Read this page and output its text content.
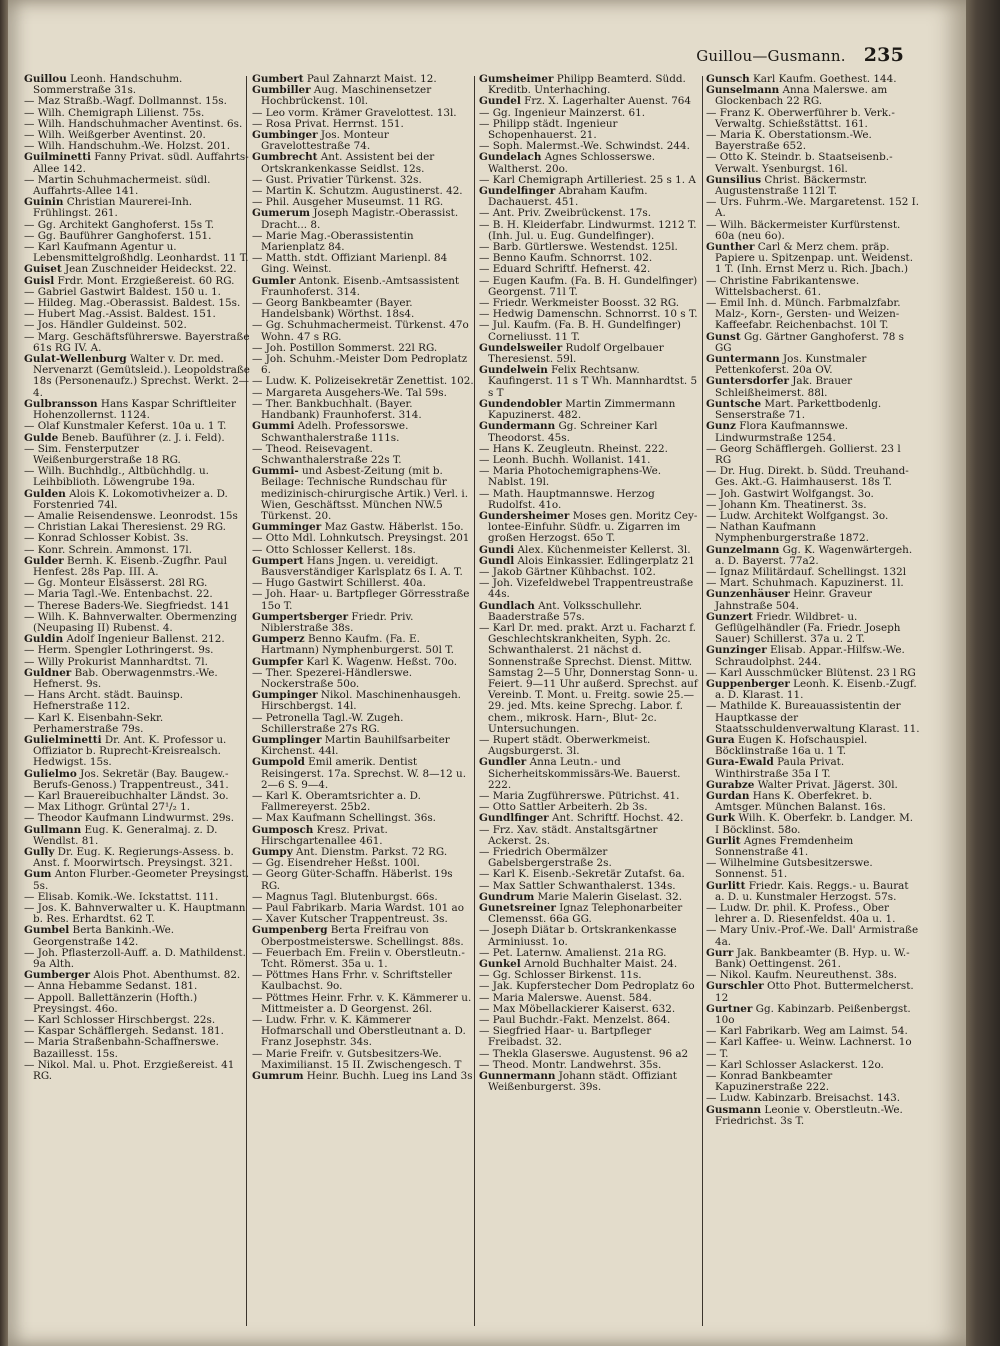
Guillou—Gusmann. 235

Guillou Leonh. Handschuhm. Sommerstraße 31s.

— Maz Straßb.-Wagf. Dollmannst. 15s.

— Wilh. Chemigraph Lilienst. 75s.

— Wilh. Handschuhmacher Aventinst. 6s.

— Wilh. Weißgerber Aventinst. 20.

— Wilh. Handschuhm.-We. Holzst. 201.

Guilminetti Fanny Privat. südl. Auffahrts-Allee 142.

— Martin Schuhmachermeist. südl. Auffahrts-Allee 141.

Guinin Christian Maurerei-Inh. Frühlingst. 261.

— Gg. Architekt Ganghoferst. 15s T.

— Gg. Bauführer Ganghoferst. 151.

— Karl Kaufmann Agentur u. Lebensmittelgroßhdlg. Leonhardst. 11 T.

Guiset Jean Zuschneider Heideckst. 22.

Guisl Frdr. Mont. Erzgießereist. 60 RG.

— Gabriel Gastwirt Baldest. 150 u. 1.

— Hildeg. Mag.-Oberassist. Baldest. 15s.

— Hubert Mag.-Assist. Baldest. 151.

— Jos. Händler Guldeinst. 502.

— Marg. Geschäftsführerswe. Bayerstraße 61s RG IV. A.

Gulat-Wellenburg Walter v. Dr. med. Nervenarzt (Gemütsleid.). Leopoldstraße 18s (Personenaufz.) Sprechst. Werkt. 2—4.

Gulbransson Hans Kaspar Schriftleiter Hohenzollernst. 1124.

— Olaf Kunstmaler Keferst. 10a u. 1 T.

Gulde Beneb. Bauführer (z. J. i. Feld).

— Sim. Fensterputzer Weißenburgerstraße 18 RG.

— Wilh. Buchhdlg., Altbüchhdlg. u. Leihbiblioth. Löwengrube 19a.

Gulden Alois K. Lokomotivheizer a. D. Forstenried 74l.

— Amalie Reisendenswe. Leonrodst. 15s

— Christian Lakai Theresienst. 29 RG.

— Konrad Schlosser Kobist. 3s.

— Konr. Schrein. Ammonst. 17l.

Gulder Bernh. K. Eisenb.-Zugfhr. Paul Henfest. 28s Pap. III. A.

— Gg. Monteur Elsässerst. 28l RG.

— Maria Tagl.-We. Entenbachst. 22.

— Therese Baders-We. Siegfriedst. 141

— Wilh. K. Bahnverwalter. Obermenzing (Neupasing II) Rubenst. 4.

Guldin Adolf Ingenieur Ballenst. 212.

— Herm. Spengler Lothringerst. 9s.

— Willy Prokurist Mannhardtst. 7l.

Guldner Bab. Oberwagenmstrs.-We. Hefnerst. 9s.

— Hans Archt. städt. Bauinsp. Hefnerstraße 112.

— Karl K. Eisenbahn-Sekr. Perhamerstraße 79s.

Gulielminetti Dr. Ant. K. Professor u. Offiziator b. Ruprecht-Kreisrealsch. Hedwigst. 15s.

Gulielmo Jos. Sekretär (Bay. Baugew.-Berufs-Genoss.) Trappentreust., 341.

— Karl Brauereibuchhalter Ländst. 3o.

— Max Lithogr. Grüntal 27¹/₂ 1.

— Theodor Kaufmann Lindwurmst. 29s.

Gullmann Eug. K. Generalmaj. z. D. Wendlst. 81.

Gully Dr. Eug. K. Regierungs-Assess. b. Anst. f. Moorwirtsch. Preysingst. 321.

Gum Anton Flurber.-Geometer Preysingst. 5s.

— Elisab. Komik.-We. Ickstattst. 111.

— Jos. K. Bahnverwalter u. K. Hauptmann b. Res. Erhardtst. 62 T.

Gumbel Berta Bankinh.-We. Georgenstraße 142.

— Joh. Pflasterzoll-Auff. a. D. Mathildenst. 9a Alth.

Gumberger Alois Phot. Abenthumst. 82.

— Anna Hebamme Sedanst. 181.

— Appoll. Ballettänzerin (Hofth.) Preysingst. 46o.

— Karl Schlosser Hirschbergst. 22s.

— Kaspar Schäfflergeh. Sedanst. 181.

— Maria Straßenbahn-Schaffnerswe. Bazaillesst. 15s.

— Nikol. Mal. u. Phot. Erzgießereist. 41 RG.

Gumbert Paul Zahnarzt Maist. 12.

Gumbiller Aug. Maschinensetzer Hochbrückenst. 10l.

— Leo vorm. Krämer Gravelottest. 13l.

— Rosa Privat. Herrnst. 151.

Gumbinger Jos. Monteur Gravelottestraße 74.

Gumbrecht Ant. Assistent bei der Ortskrankenkasse Seidlst. 12s.

— Gust. Privatier Türkenst. 32s.

— Martin K. Schutzm. Augustinerst. 42.

— Phil. Ausgeher Museumst. 11 RG.

Gumerum Joseph Magistr.-Oberassist. Dracht... 8.

— Marie Mag.-Oberassistentin Marienplatz 84.

— Matth. stdt. Offiziant Marienpl. 84 Ging. Weinst.

Gumler Antonk. Eisenb.-Amtsassistent Fraunhoferst. 314.

— Georg Bankbeamter (Bayer. Handelsbank) Wörthst. 18s4.

— Gg. Schuhmachermeist. Türkenst. 47o Wohn. 47 s RG.

— Joh. Postillon Sommerst. 22l RG.

— Joh. Schuhm.-Meister Dom Pedroplatz 6.

— Ludw. K. Polizeisekretär Zenettist. 102.

— Margareta Ausgehers-We. Tal 59s.

— Ther. Bankbuchhalt. (Bayer. Handbank) Fraunhoferst. 314.

Gummi Adelh. Professorswe. Schwanthalerstraße 111s.

— Theod. Reisevagent. Schwanthalerstraße 22s T.

Gummi- und Asbest-Zeitung (mit b. Beilage: Technische Rundschau für medizinisch-chirurgische Artik.) Verl. i. Wien, Geschäftsst. München NW.5 Türkenst. 20.

Gumminger Maz Gastw. Häberlst. 15o.

— Otto Mdl. Lohnkutsch. Preysingst. 201

— Otto Schlosser Kellerst. 18s.

Gumpert Hans Jngen. u. vereidigt. Bausverständiger Karlsplatz 6s I. A. T.

— Hugo Gastwirt Schillerst. 40a.

— Joh. Haar- u. Bartpfleger Görresstraße 15o T.

Gumpertsberger Friedr. Priv. Niblerstraße 38s.

Gumperz Benno Kaufm. (Fa. E. Hartmann) Nymphenburgerst. 50l T.

Gumpfer Karl K. Wagenw. Heßst. 70o.

— Ther. Spezerei-Händlerswe. Nockerstraße 50o.

Gumpinger Nikol. Maschinenhausgeh. Hirschbergst. 14l.

— Petronella Tagl.-W. Zugeh. Schillerstraße 27s RG.

Gumplinger Martin Bauhilfsarbeiter Kirchenst. 44l.

Gumpold Emil amerik. Dentist Reisingerst. 17a. Sprechst. W. 8—12 u. 2—6 S. 9—4.

— Karl K. Oberamtsrichter a. D. Fallmereyerst. 25b2.

— Max Kaufmann Schellingst. 36s.

Gumposch Kresz. Privat. Hirschgartenallee 461.

Gumpy Ant. Dienstm. Parkst. 72 RG.

— Gg. Eisendreher Heßst. 100l.

— Georg Güter-Schaffn. Häberlst. 19s RG.

— Magnus Tagl. Blutenburgst. 66s.

— Paul Fabrikarb. Maria Wardst. 101 ao

— Xaver Kutscher Trappentreust. 3s.

Gumpenberg Berta Freifrau von Oberpostmeisterswe. Schellingst. 88s.

— Feuerbach Em. Freiin v. Oberstleutn.-Tcht. Römerst. 35a u. 1.

— Pöttmes Hans Frhr. v. Schriftsteller Kaulbachst. 9o.

— Pöttmes Heinr. Frhr. v. K. Kämmerer u. Mittmeister a. D Georgenst. 26l.

— Ludw. Frhr. v. K. Kämmerer Hofmarschall und Oberstleutnant a. D. Franz Josephstr. 34s.

— Marie Freifr. v. Gutsbesitzers-We. Maximilianst. 15 II. Zwischengesch. T

Gumrum Heinr. Buchh. Lueg ins Land 3s

Gumsheimer Philipp Beamterd. Südd. Kreditb. Unterhaching.

Gundel Frz. X. Lagerhalter Auenst. 764

— Gg. Ingenieur Mainzerst. 61.

— Philipp städt. Ingenieur Schopenhauerst. 21.

— Soph. Malermst.-We. Schwindst. 244.

Gundelach Agnes Schlosserswe. Waltherst. 20o.

— Karl Chemigraph Artilleriest. 25 s 1. A

Gundelfinger Abraham Kaufm. Dachauerst. 451.

— Ant. Priv. Zweibrückenst. 17s.

— B. H. Kleiderfabr. Lindwurmst. 1212 T. (Inh. Jul. u. Eug. Gundelfinger).

— Barb. Gürtlerswe. Westendst. 125l.

— Benno Kaufm. Schnorrst. 102.

— Eduard Schriftf. Hefnerst. 42.

— Eugen Kaufm. (Fa. B. H. Gundelfinger) Georgenst. 71l T.

— Friedr. Werkmeister Boosst. 32 RG.

— Hedwig Damenschn. Schnorrst. 10 s T.

— Jul. Kaufm. (Fa. B. H. Gundelfinger) Corneliusst. 11 T.

Gundelsweiler Rudolf Orgelbauer Theresienst. 59l.

Gundelwein Felix Rechtsanw. Kaufingerst. 11 s T Wh. Mannhardtst. 5 s T

Gundendobler Martin Zimmermann Kapuzinerst. 482.

Gundermann Gg. Schreiner Karl Theodorst. 45s.

— Hans K. Zeugleutn. Rheinst. 222.

— Leonh. Buchh. Wollanist. 141.

— Maria Photochemigraphens-We. Nablst. 19l.

— Math. Hauptmannswe. Herzog Rudolfst. 41o.

Gundersheimer Moses gen. Moritz Cey-lontee-Einfuhr. Südfr. u. Zigarren im großen Herzogst. 65o T.

Gundi Alex. Küchenmeister Kellerst. 3l.

Gundl Alois Einkassier. Edlingerplatz 21

— Jakob Gärtner Kühbachst. 102.

— Joh. Vizefeldwebel Trappentreustraße 44s.

Gundlach Ant. Volksschullehr. Baaderstraße 57s.

— Karl Dr. med. prakt. Arzt u. Facharzt f. Geschlechtskrankheiten, Syph. 2c. Schwanthalerst. 21 nächst d. Sonnenstraße Sprechst. Dienst. Mittw. Samstag 2—5 Uhr, Donnerstag Sonn- u. Feiert. 9—11 Uhr außerd. Sprechst. auf Vereinb. T. Mont. u. Freitg. sowie 25.—29. jed. Mts. keine Sprechg. Labor. f. chem., mikrosk. Harn-, Blut- 2c. Untersuchungen.

— Rupert städt. Oberwerkmeist. Augsburgerst. 3l.

Gundler Anna Leutn.- und Sicherheitskommissärs-We. Bauerst. 222.

— Maria Zugführerswe. Pütrichst. 41.

— Otto Sattler Arbeiterh. 2b 3s.

Gundlfinger Ant. Schriftf. Hochst. 42.

— Frz. Xav. städt. Anstaltsgärtner Ackerst. 2s.

— Friedrich Obermälzer Gabelsbergerstraße 2s.

— Karl K. Eisenb.-Sekretär Zutafst. 6a.

— Max Sattler Schwanthalerst. 134s.

Gundrum Marie Malerin Giselast. 32.

Gunetsreiner Ignaz Telephonarbeiter Clemensst. 66a GG.

— Joseph Diätar b. Ortskrankenkasse Arminiusst. 1o.

— Pet. Laternw. Amalienst. 21a RG.

Gunkel Arnold Buchhalter Maist. 24.

— Gg. Schlosser Birkenst. 11s.

— Jak. Kupferstecher Dom Pedroplatz 6o

— Maria Malerswe. Auenst. 584.

— Max Möbellackierer Kaiserst. 632.

— Paul Buchdr.-Fakt. Menzelst. 864.

— Siegfried Haar- u. Bartpfleger Freibadst. 32.

— Thekla Glaserswe. Augustenst. 96 a2

— Theod. Montr. Landwehrst. 35s.

Gunnermann Johann städt. Offiziant Weißenburgerst. 39s.

Gunsch Karl Kaufm. Goethest. 144.

Gunselmann Anna Malerswe. am Glockenbach 22 RG.

— Franz K. Oberwerführer b. Verk.-Verwaltg. Schießstättst. 161.

— Maria K. Oberstationsm.-We. Bayerstraße 652.

— Otto K. Steindr. b. Staatseisenb.-Verwalt. Ysenburgst. 16l.

Gunsilius Christ. Bäckermstr. Augustenstraße 112l T.

— Urs. Fuhrm.-We. Margaretenst. 152 I. A.

— Wilh. Bäckermeister Kurfürstenst. 60a (neu 6o).

Gunther Carl & Merz chem. präp. Papiere u. Spitzenpap. unt. Weidenst. 1 T. (Inh. Ernst Merz u. Rich. Jbach.)

— Christine Fabrikantenswe. Wittelsbacherst. 61.

— Emil Inh. d. Münch. Farbmalzfabr. Malz-, Korn-, Gersten- und Weizen-Kaffeefabr. Reichenbachst. 10l T.

Gunst Gg. Gärtner Ganghoferst. 78 s GG

Guntermann Jos. Kunstmaler Pettenkoferst. 20a OV.

Guntersdorfer Jak. Brauer Schleißheimerst. 88l.

Guntsche Mart. Parkettbodenlg. Senserstraße 71.

Gunz Flora Kaufmannswe. Lindwurmstraße 1254.

— Georg Schäfflergeh. Gollierst. 23 l RG

— Dr. Hug. Direkt. b. Südd. Treuhand-Ges. Akt.-G. Haimhauserst. 18s T.

— Joh. Gastwirt Wolfgangst. 3o.

— Johann Km. Theatinerst. 3s.

— Ludw. Architekt Wolfgangst. 3o.

— Nathan Kaufmann Nymphenburgerstraße 1872.

Gunzelmann Gg. K. Wagenwärtergeh. a. D. Bayerst. 77a2.

— Ignaz Militärdauf. Schellingst. 132l

— Mart. Schuhmach. Kapuzinerst. 1l.

Gunzenhäuser Heinr. Graveur Jahnstraße 504.

Gunzert Friedr. Wildbret- u. Geflügelhändler (Fa. Friedr. Joseph Sauer) Schillerst. 37a u. 2 T.

Gunzinger Elisab. Appar.-Hilfsw.-We. Schraudolphst. 244.

— Karl Ausschmücker Blütenst. 23 l RG

Guppenberger Leonh. K. Eisenb.-Zugf. a. D. Klarast. 11.

— Mathilde K. Bureauassistentin der Hauptkasse der Staatsschuldenverwaltung Klarast. 11.

Gura Eugen K. Hofschauspiel. Böcklinstraße 16a u. 1 T.

Gura-Ewald Paula Privat. Winthirstraße 35a I T.

Gurabze Walter Privat. Jägerst. 30l.

Gurdan Hans K. Oberfekret. b. Amtsger. München Balanst. 16s.

Gurk Wilh. K. Oberfekr. b. Landger. M. I Böcklinst. 58o.

Gurlit Agnes Fremdenheim Sonnenstraße 41.

— Wilhelmine Gutsbesitzerswe. Sonnenst. 51.

Gurlitt Friedr. Kais. Reggs.- u. Baurat a. D. u. Kunstmaler Herzogst. 57s.

— Ludw. Dr. phil. K. Profess., Ober lehrer a. D. Riesenfeldst. 40a u. 1.

— Mary Univ.-Prof.-We. Dall' Armistraße 4a.

Gurr Jak. Bankbeamter (B. Hyp. u. W.-Bank) Oettingenst. 261.

— Nikol. Kaufm. Neureuthenst. 38s.

Gurschler Otto Phot. Buttermelcherst. 12

Gurtner Gg. Kabinzarb. Peißenbergst. 10o

— Karl Fabrikarb. Weg am Laimst. 54.

— Karl Kaffee- u. Weinw. Lachnerst. 1o

— T.

— Karl Schlosser Aslackerst. 12o.

— Konrad Bankbeamter Kapuzinerstraße 222.

— Ludw. Kabinzarb. Breisachst. 143.

Gusmann Leonie v. Oberstleutn.-We. Friedrichst. 3s T.
